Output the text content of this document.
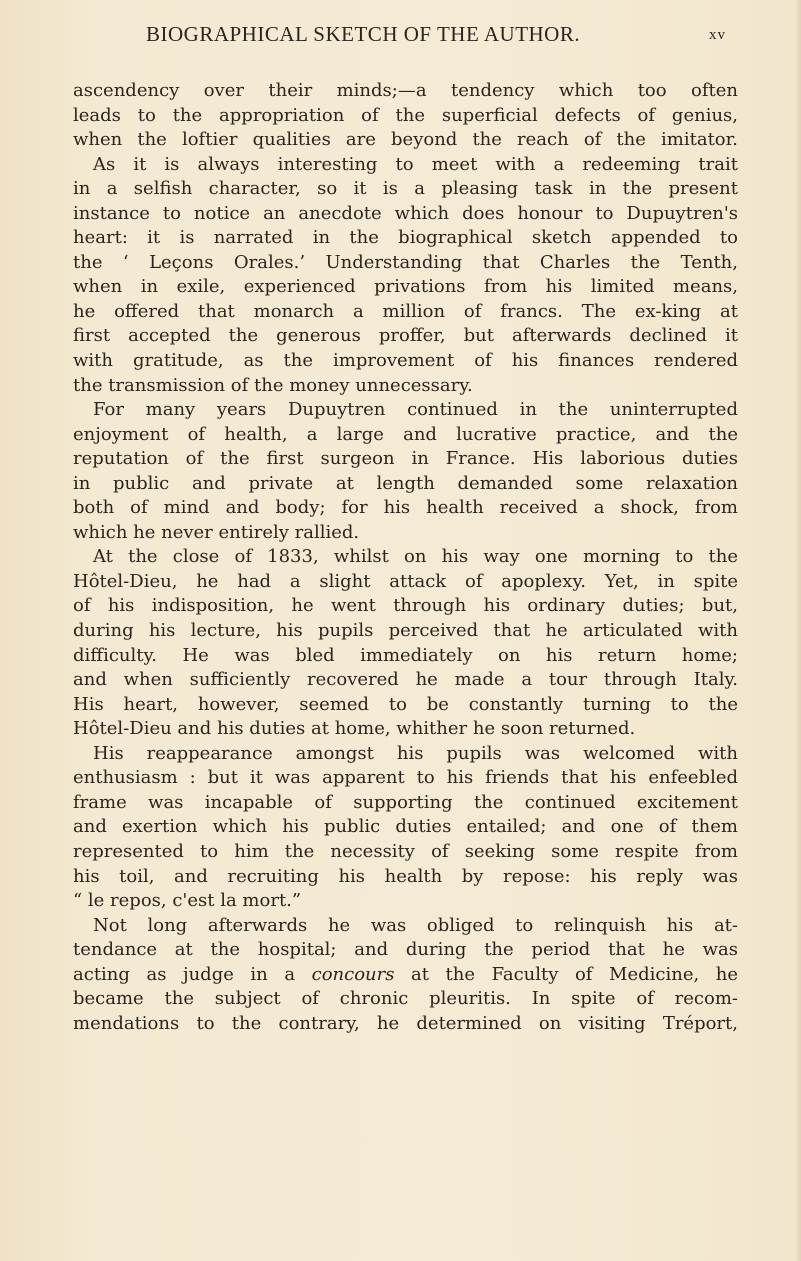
BIOGRAPHICAL SKETCH OF THE AUTHOR.	xv
ascendency over their minds;—a tendency which too often
leads to the appropriation of the superficial defects of genius,
when the loftier qualities are beyond the reach of the imitator.
As it is always interesting to meet with a redeeming trait
in a selfish character, so it is a pleasing task in the present
instance to notice an anecdote which does honour to Dupuytren's
heart: it is narrated in the biographical sketch appended to
the ‘ Leçons Orales.’ Understanding that Charles the Tenth,
when in exile, experienced privations from his limited means,
he offered that monarch a million of francs. The ex-king at
first accepted the generous proffer, but afterwards declined it
with gratitude, as the improvement of his finances rendered
the transmission of the money unnecessary.
For many years Dupuytren continued in the uninterrupted
enjoyment of health, a large and lucrative practice, and the
reputation of the first surgeon in France. His laborious duties
in public and private at length demanded some relaxation
both of mind and body; for his health received a shock, from
which he never entirely rallied.
At the close of 1833, whilst on his way one morning to the
Hôtel-Dieu, he had a slight attack of apoplexy. Yet, in spite
of his indisposition, he went through his ordinary duties; but,
during his lecture, his pupils perceived that he articulated with
difficulty. He was bled immediately on his return home;
and when sufficiently recovered he made a tour through Italy.
His heart, however, seemed to be constantly turning to the
Hôtel-Dieu and his duties at home, whither he soon returned.
His reappearance amongst his pupils was welcomed with
enthusiasm : but it was apparent to his friends that his enfeebled
frame was incapable of supporting the continued excitement
and exertion which his public duties entailed; and one of them
represented to him the necessity of seeking some respite from
his toil, and recruiting his health by repose: his reply was
“ le repos, c'est la mort.”
Not long afterwards he was obliged to relinquish his at-
tendance at the hospital; and during the period that he was
acting as judge in a concours at the Faculty of Medicine, he
became the subject of chronic pleuritis. In spite of recom-
mendations to the contrary, he determined on visiting Tréport,
